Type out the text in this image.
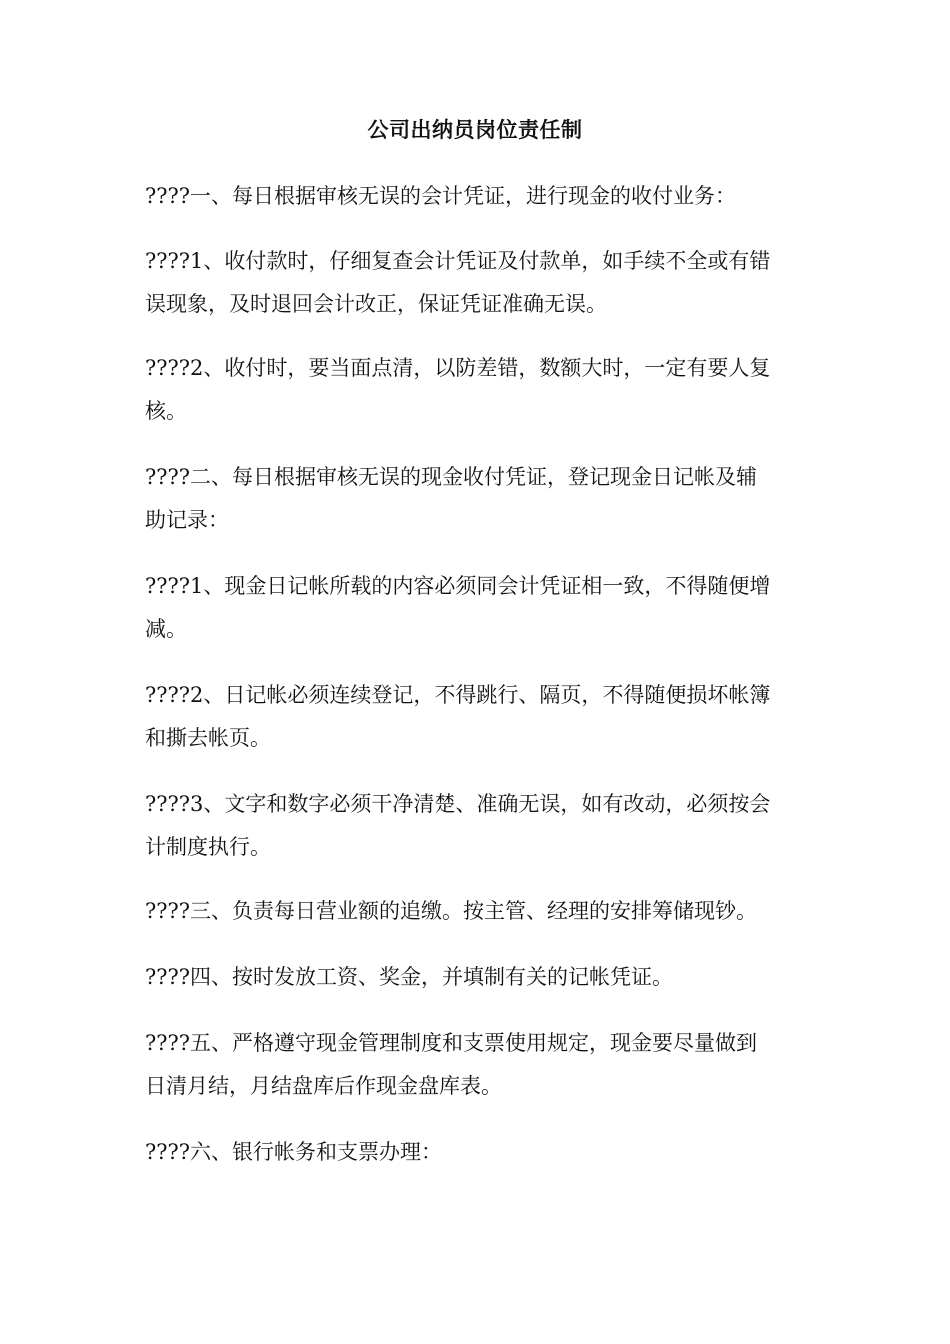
公司出纳员岗位责任制

????一、每日根据审核无误的会计凭证，进行现金的收付业务：

????1、收付款时，仔细复查会计凭证及付款单，如手续不全或有错
误现象，及时退回会计改正，保证凭证准确无误。

????2、收付时，要当面点清，以防差错，数额大时，一定有要人复
核。

????二、每日根据审核无误的现金收付凭证，登记现金日记帐及辅
助记录：

????1、现金日记帐所载的内容必须同会计凭证相一致，不得随便增
减。

????2、日记帐必须连续登记，不得跳行、隔页，不得随便损坏帐簿
和撕去帐页。

????3、文字和数字必须干净清楚、准确无误，如有改动，必须按会
计制度执行。

????三、负责每日营业额的追缴。按主管、经理的安排筹储现钞。

????四、按时发放工资、奖金，并填制有关的记帐凭证。

????五、严格遵守现金管理制度和支票使用规定，现金要尽量做到
日清月结，月结盘库后作现金盘库表。

????六、银行帐务和支票办理：
